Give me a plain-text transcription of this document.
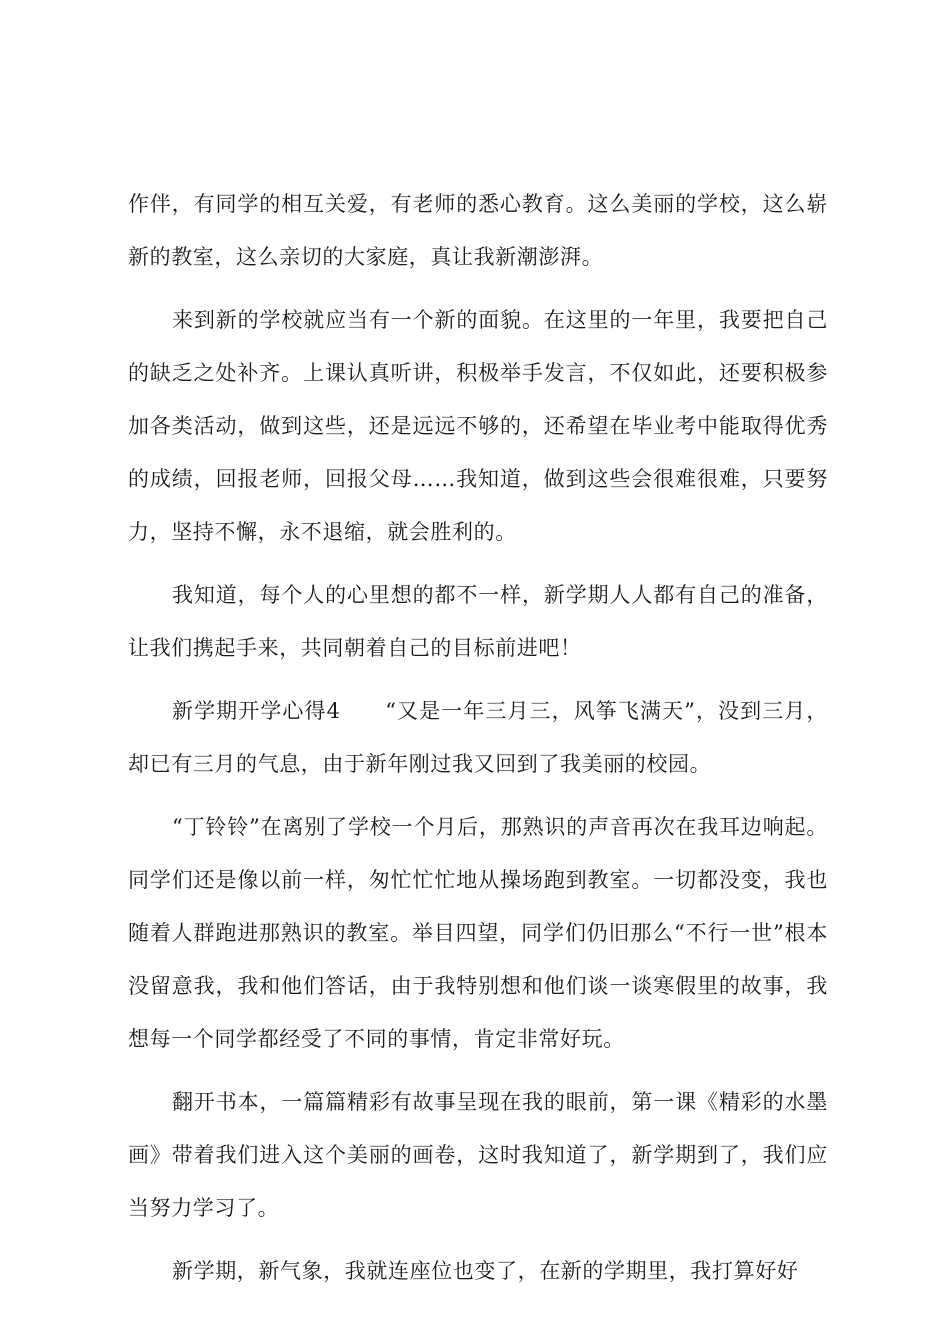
作伴，有同学的相互关爱，有老师的悉心教育。这么美丽的学校，这么崭新的教室，这么亲切的大家庭，真让我新潮澎湃。

来到新的学校就应当有一个新的面貌。在这里的一年里，我要把自己的缺乏之处补齐。上课认真听讲，积极举手发言，不仅如此，还要积极参加各类活动，做到这些，还是远远不够的，还希望在毕业考中能取得优秀的成绩，回报老师，回报父母……我知道，做到这些会很难很难，只要努力，坚持不懈，永不退缩，就会胜利的。

我知道，每个人的心里想的都不一样，新学期人人都有自己的准备，让我们携起手来，共同朝着自己的目标前进吧！

新学期开学心得4　　“又是一年三月三，风筝飞满天”，没到三月，却已有三月的气息，由于新年刚过我又回到了我美丽的校园。

“丁铃铃”在离别了学校一个月后，那熟识的声音再次在我耳边响起。同学们还是像以前一样，匆忙忙忙地从操场跑到教室。一切都没变，我也随着人群跑进那熟识的教室。举目四望，同学们仍旧那么“不行一世”根本没留意我，我和他们答话，由于我特别想和他们谈一谈寒假里的故事，我想每一个同学都经受了不同的事情，肯定非常好玩。

翻开书本，一篇篇精彩有故事呈现在我的眼前，第一课《精彩的水墨画》带着我们进入这个美丽的画卷，这时我知道了，新学期到了，我们应当努力学习了。

新学期，新气象，我就连座位也变了，在新的学期里，我打算好好
